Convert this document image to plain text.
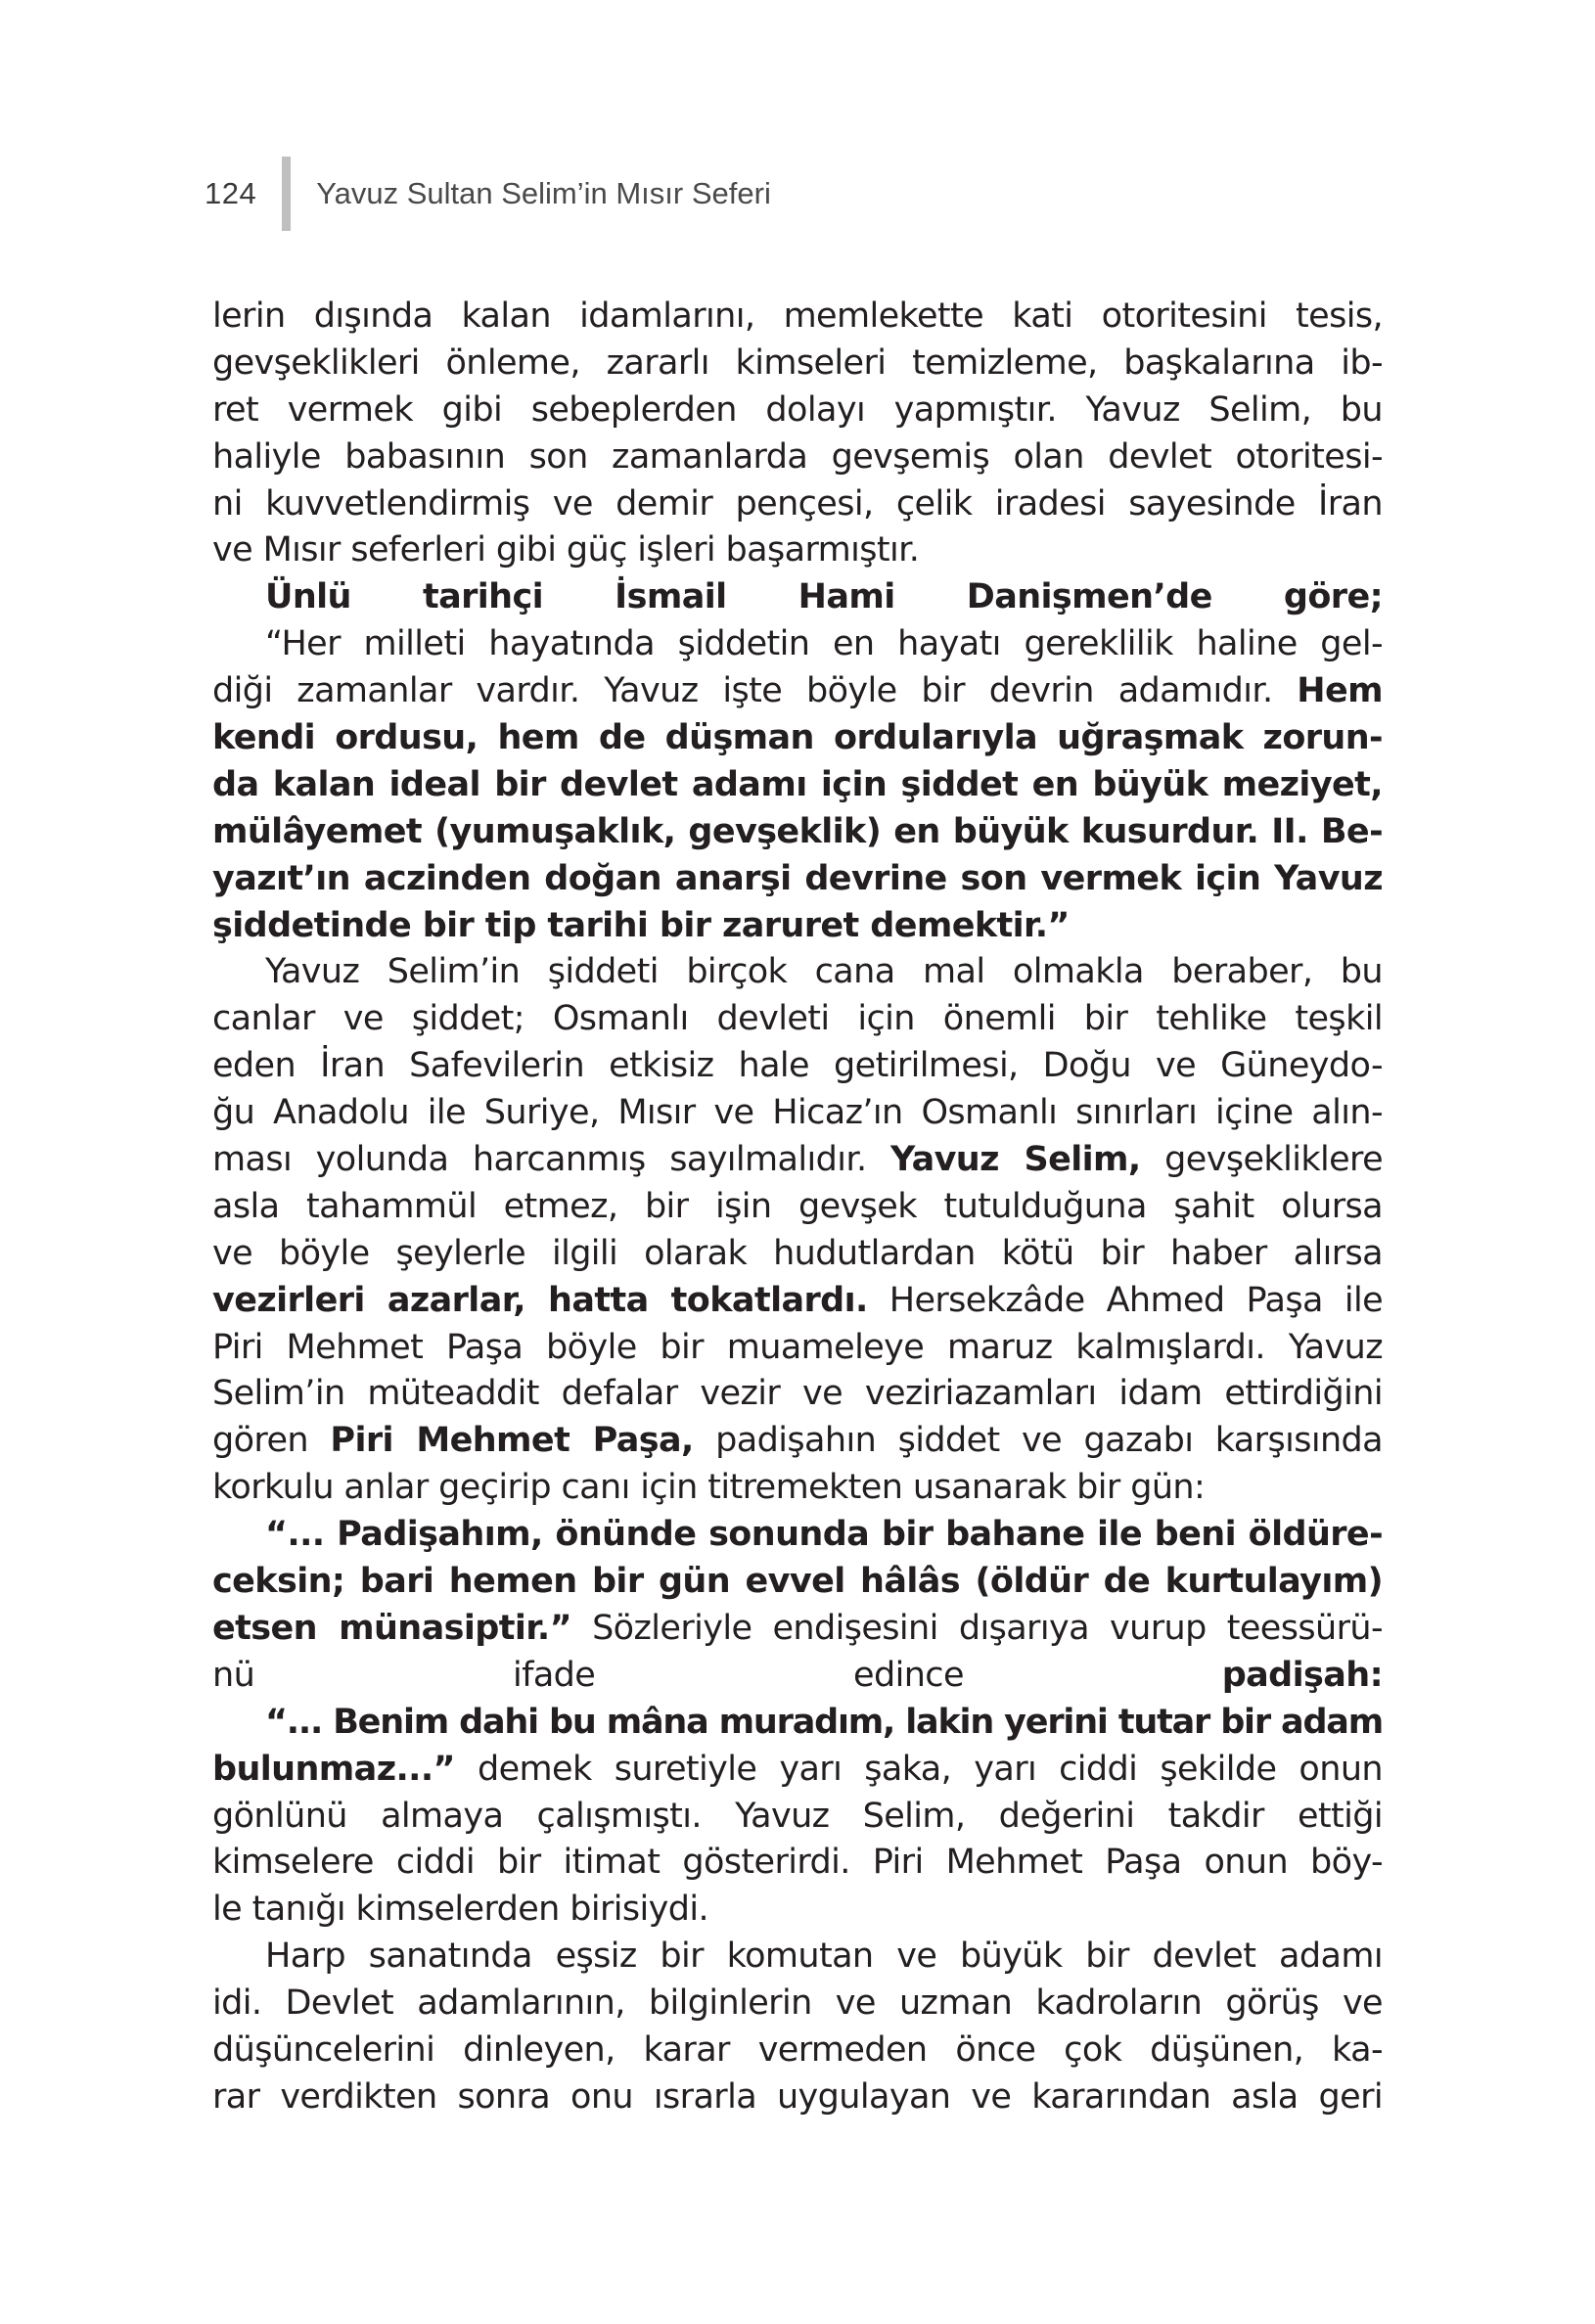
124 Yavuz Sultan Selim’in Mısır Seferi
lerin dışında kalan idamlarını, memlekette kati otoritesini tesis,
gevşeklikleri önleme, zararlı kimseleri temizleme, başkalarına ib-
ret vermek gibi sebeplerden dolayı yapmıştır. Yavuz Selim, bu
haliyle babasının son zamanlarda gevşemiş olan devlet otoritesi-
ni kuvvetlendirmiş ve demir pençesi, çelik iradesi sayesinde İran
ve Mısır seferleri gibi güç işleri başarmıştır.
Ünlü tarihçi İsmail Hami Danişmen’de göre;
“Her milleti hayatında şiddetin en hayatı gereklilik haline gel-
diği zamanlar vardır. Yavuz işte böyle bir devrin adamıdır. Hem
kendi ordusu, hem de düşman ordularıyla uğraşmak zorun-
da kalan ideal bir devlet adamı için şiddet en büyük meziyet,
mülâyemet (yumuşaklık, gevşeklik) en büyük kusurdur. II. Be-
yazıt’ın aczinden doğan anarşi devrine son vermek için Yavuz
şiddetinde bir tip tarihi bir zaruret demektir.”
Yavuz Selim’in şiddeti birçok cana mal olmakla beraber, bu
canlar ve şiddet; Osmanlı devleti için önemli bir tehlike teşkil
eden İran Safevilerin etkisiz hale getirilmesi, Doğu ve Güneydo-
ğu Anadolu ile Suriye, Mısır ve Hicaz’ın Osmanlı sınırları içine alın-
ması yolunda harcanmış sayılmalıdır. Yavuz Selim, gevşekliklere
asla tahammül etmez, bir işin gevşek tutulduğuna şahit olursa
ve böyle şeylerle ilgili olarak hudutlardan kötü bir haber alırsa
vezirleri azarlar, hatta tokatlardı. Hersekzâde Ahmed Paşa ile
Piri Mehmet Paşa böyle bir muameleye maruz kalmışlardı. Yavuz
Selim’in müteaddit defalar vezir ve veziriazamları idam ettirdiğini
gören Piri Mehmet Paşa, padişahın şiddet ve gazabı karşısında
korkulu anlar geçirip canı için titremekten usanarak bir gün:
“... Padişahım, önünde sonunda bir bahane ile beni öldüre-
ceksin; bari hemen bir gün evvel hâlâs (öldür de kurtulayım)
etsen münasiptir.” Sözleriyle endişesini dışarıya vurup teessürü-
nü ifade edince padişah:
“... Benim dahi bu mâna muradım, lakin yerini tutar bir adam
bulunmaz...” demek suretiyle yarı şaka, yarı ciddi şekilde onun
gönlünü almaya çalışmıştı. Yavuz Selim, değerini takdir ettiği
kimselere ciddi bir itimat gösterirdi. Piri Mehmet Paşa onun böy-
le tanığı kimselerden birisiydi.
Harp sanatında eşsiz bir komutan ve büyük bir devlet adamı
idi. Devlet adamlarının, bilginlerin ve uzman kadroların görüş ve
düşüncelerini dinleyen, karar vermeden önce çok düşünen, ka-
rar verdikten sonra onu ısrarla uygulayan ve kararından asla geri
